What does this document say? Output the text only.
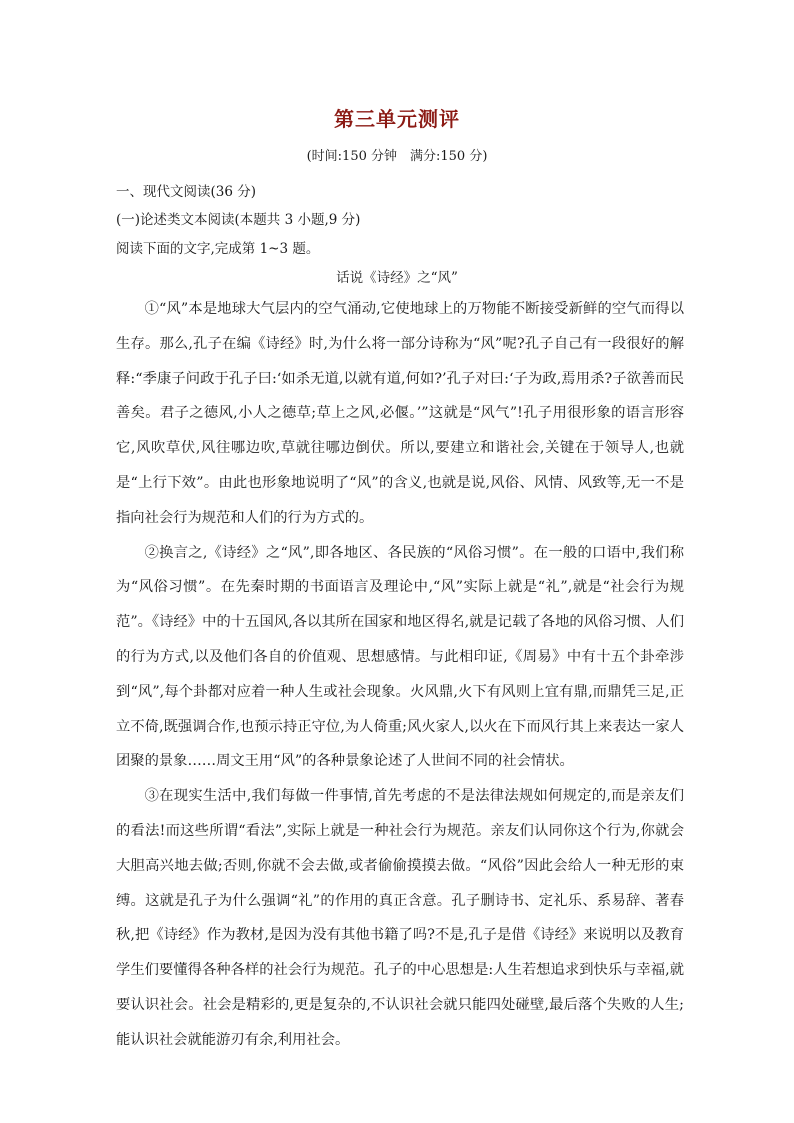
第三单元测评
(时间:150 分钟　满分:150 分)
一、现代文阅读(36 分)
(一)论述类文本阅读(本题共 3 小题,9 分)
阅读下面的文字,完成第 1~3 题。
话说《诗经》之“风”

①“风”本是地球大气层内的空气涌动,它使地球上的万物能不断接受新鲜的空气而得以生存。那么,孔子在编《诗经》时,为什么将一部分诗称为“风”呢?孔子自己有一段很好的解释:“季康子问政于孔子曰:‘如杀无道,以就有道,何如?’孔子对曰:‘子为政,焉用杀?子欲善而民善矣。君子之德风,小人之德草;草上之风,必偃。’”这就是“风气”!孔子用很形象的语言形容它,风吹草伏,风往哪边吹,草就往哪边倒伏。所以,要建立和谐社会,关键在于领导人,也就是“上行下效”。由此也形象地说明了“风”的含义,也就是说,风俗、风情、风致等,无一不是指向社会行为规范和人们的行为方式的。

②换言之,《诗经》之“风”,即各地区、各民族的“风俗习惯”。在一般的口语中,我们称为“风俗习惯”。在先秦时期的书面语言及理论中,“风”实际上就是“礼”,就是“社会行为规范”。《诗经》中的十五国风,各以其所在国家和地区得名,就是记载了各地的风俗习惯、人们的行为方式,以及他们各自的价值观、思想感情。与此相印证,《周易》中有十五个卦牵涉到“风”,每个卦都对应着一种人生或社会现象。火风鼎,火下有风则上宜有鼎,而鼎凭三足,正立不倚,既强调合作,也预示持正守位,为人倚重;风火家人,以火在下而风行其上来表达一家人团聚的景象……周文王用“风”的各种景象论述了人世间不同的社会情状。

③在现实生活中,我们每做一件事情,首先考虑的不是法律法规如何规定的,而是亲友们的看法!而这些所谓“看法”,实际上就是一种社会行为规范。亲友们认同你这个行为,你就会大胆高兴地去做;否则,你就不会去做,或者偷偷摸摸去做。“风俗”因此会给人一种无形的束缚。这就是孔子为什么强调“礼”的作用的真正含意。孔子删诗书、定礼乐、系易辞、著春秋,把《诗经》作为教材,是因为没有其他书籍了吗?不是,孔子是借《诗经》来说明以及教育学生们要懂得各种各样的社会行为规范。孔子的中心思想是:人生若想追求到快乐与幸福,就要认识社会。社会是精彩的,更是复杂的,不认识社会就只能四处碰壁,最后落个失败的人生;能认识社会就能游刃有余,利用社会。
